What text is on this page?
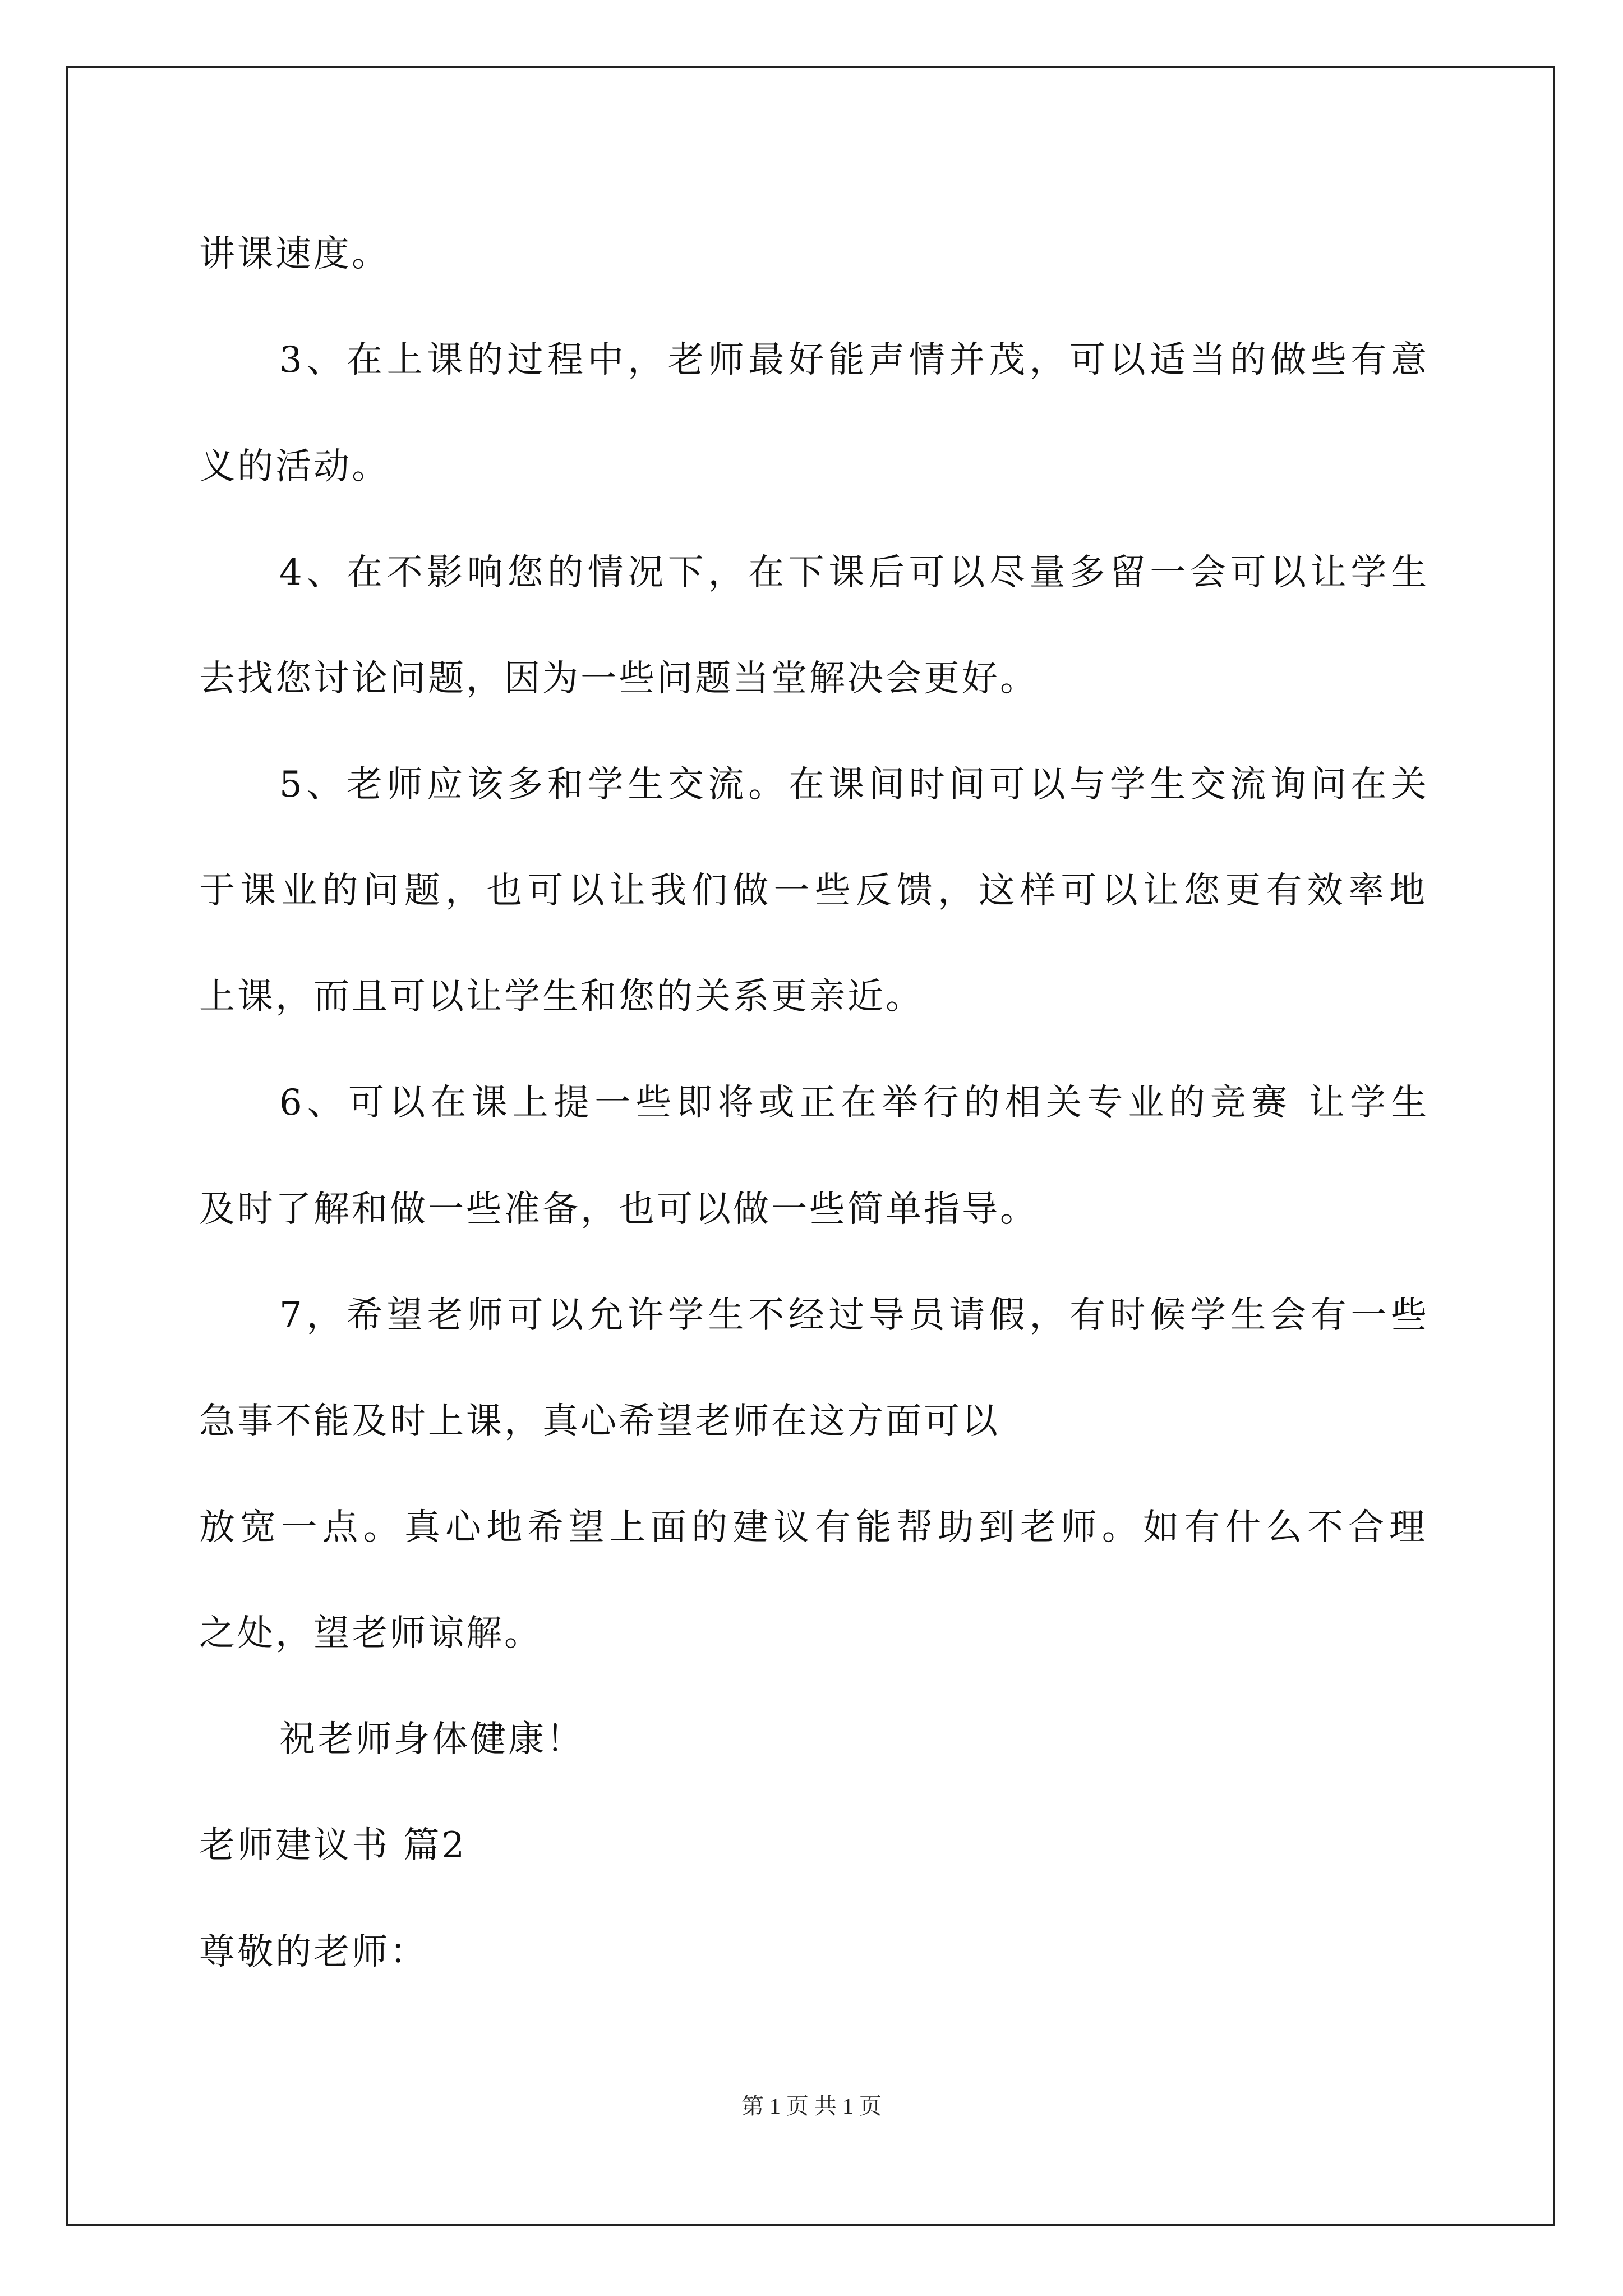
讲课速度。
3、在上课的过程中，老师最好能声情并茂，可以适当的做些有意
义的活动。
4、在不影响您的情况下，在下课后可以尽量多留一会可以让学生
去找您讨论问题，因为一些问题当堂解决会更好。
5、老师应该多和学生交流。在课间时间可以与学生交流询问在关
于课业的问题，也可以让我们做一些反馈，这样可以让您更有效率地
上课，而且可以让学生和您的关系更亲近。
6、可以在课上提一些即将或正在举行的相关专业的竞赛 让学生
及时了解和做一些准备，也可以做一些简单指导。
7，希望老师可以允许学生不经过导员请假，有时候学生会有一些
急事不能及时上课，真心希望老师在这方面可以
放宽一点。真心地希望上面的建议有能帮助到老师。如有什么不合理
之处，望老师谅解。
祝老师身体健康！
老师建议书 篇2
尊敬的老师：
第 1 页 共 1 页
